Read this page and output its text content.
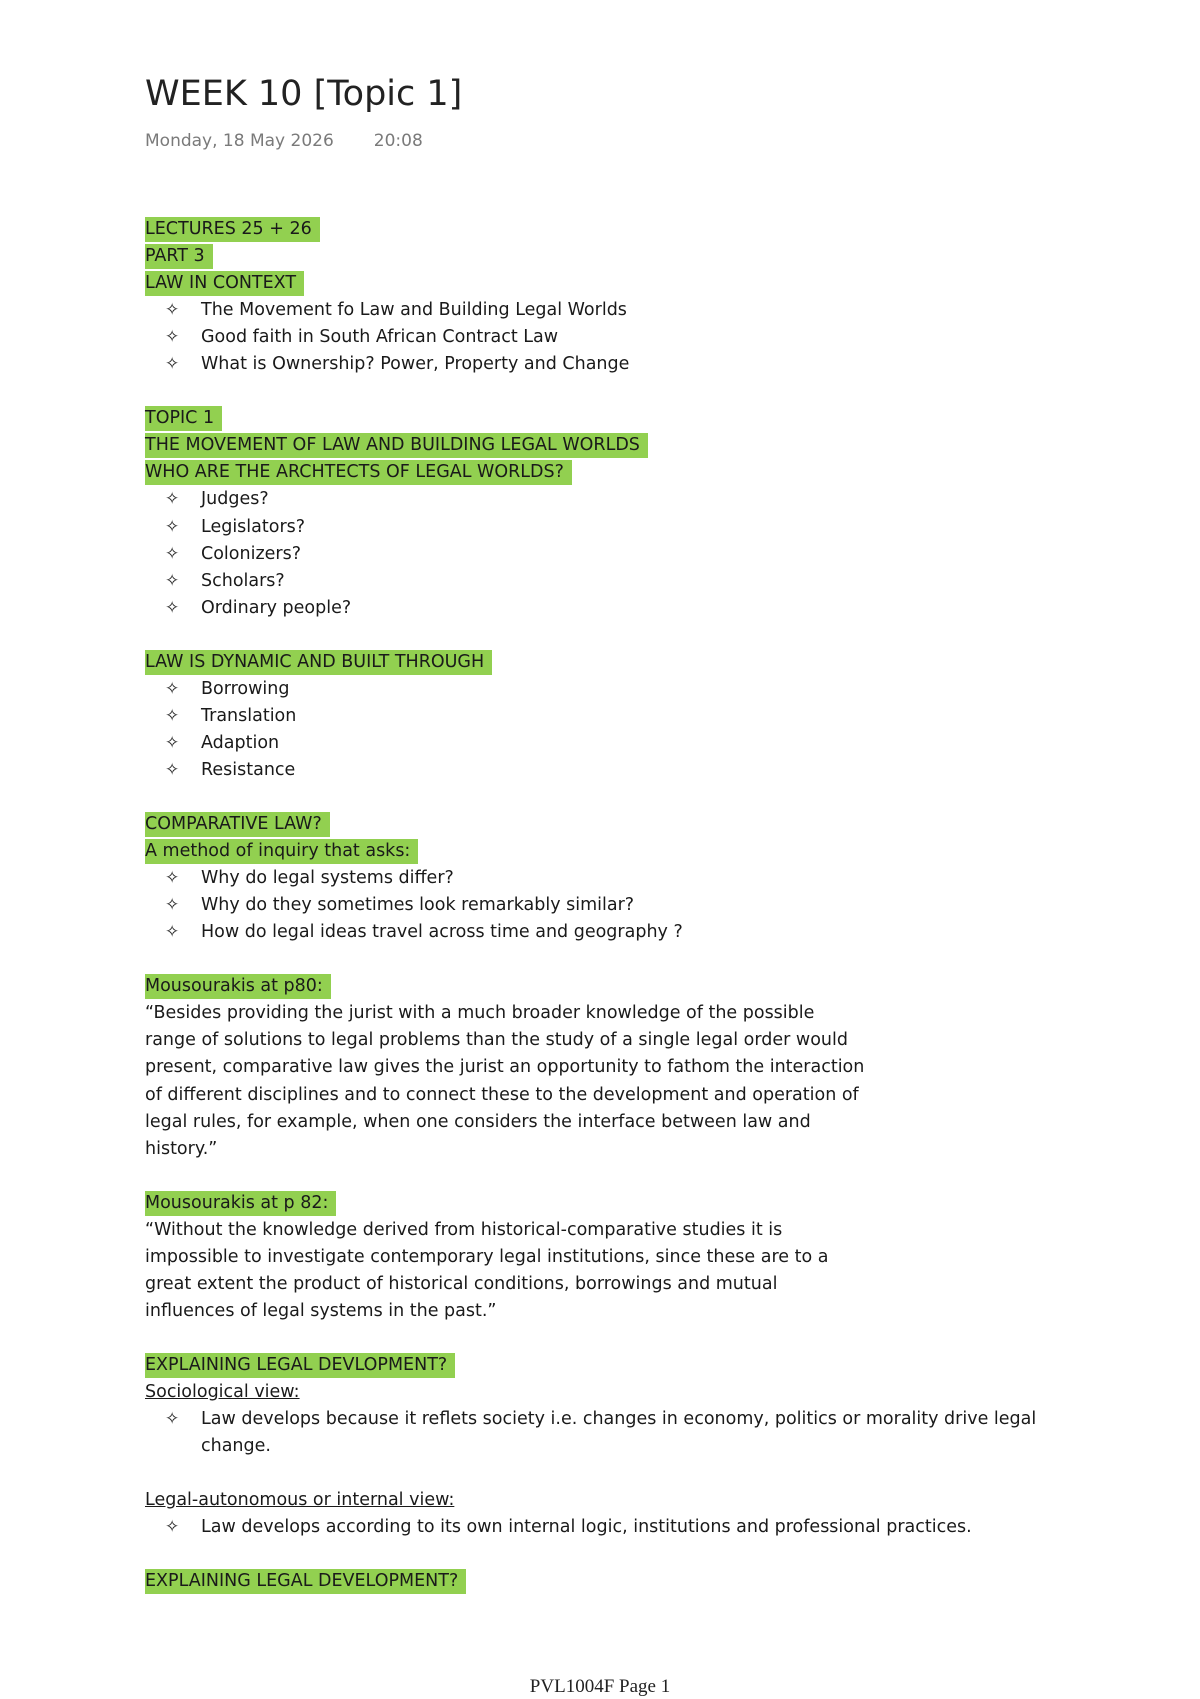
WEEK 10 [Topic 1]
Monday, 18 May 2026 20:08
LECTURES 25 + 26
PART 3
LAW IN CONTEXT
✧ The Movement fo Law and Building Legal Worlds
✧ Good faith in South African Contract Law
✧ What is Ownership? Power, Property and Change
TOPIC 1
THE MOVEMENT OF LAW AND BUILDING LEGAL WORLDS
WHO ARE THE ARCHTECTS OF LEGAL WORLDS?
✧ Judges?
✧ Legislators?
✧ Colonizers?
✧ Scholars?
✧ Ordinary people?
LAW IS DYNAMIC AND BUILT THROUGH
✧ Borrowing
✧ Translation
✧ Adaption
✧ Resistance
COMPARATIVE LAW?
A method of inquiry that asks:
✧ Why do legal systems differ?
✧ Why do they sometimes look remarkably similar?
✧ How do legal ideas travel across time and geography ?
Mousourakis at p80:
“Besides providing the jurist with a much broader knowledge of the possible
range of solutions to legal problems than the study of a single legal order would
present, comparative law gives the jurist an opportunity to fathom the interaction
of different disciplines and to connect these to the development and operation of
legal rules, for example, when one considers the interface between law and
history.”
Mousourakis at p 82:
“Without the knowledge derived from historical-comparative studies it is
impossible to investigate contemporary legal institutions, since these are to a
great extent the product of historical conditions, borrowings and mutual
influences of legal systems in the past.”
EXPLAINING LEGAL DEVLOPMENT?
Sociological view:
✧ Law develops because it reflets society i.e. changes in economy, politics or morality drive legal
change.
Legal-autonomous or internal view:
✧ Law develops according to its own internal logic, institutions and professional practices.
EXPLAINING LEGAL DEVELOPMENT?
PVL1004F Page 1
